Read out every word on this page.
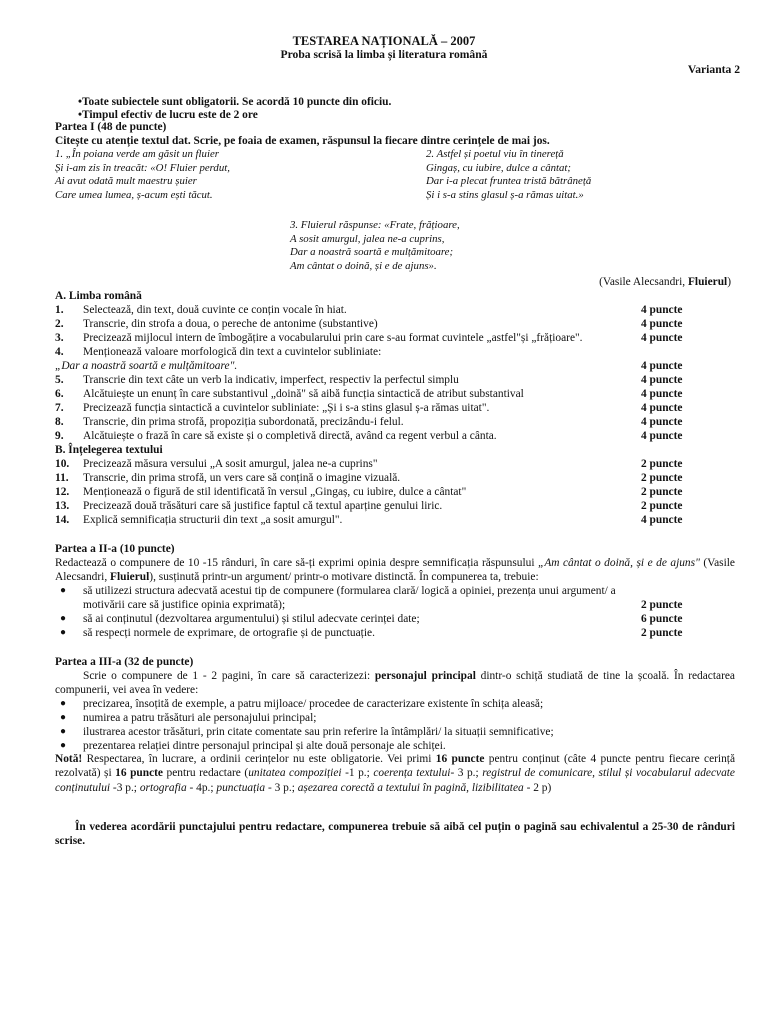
TESTAREA NAȚIONALĂ – 2007
Proba scrisă la limba și literatura română
Varianta 2
•Toate subiectele sunt obligatorii. Se acordă 10 puncte din oficiu.
•Timpul efectiv de lucru este de 2 ore
Partea I (48 de puncte)
Citește cu atenție textul dat. Scrie, pe foaia de examen, răspunsul la fiecare dintre cerințele de mai jos.
1. „În poiana verde am găsit un fluier
Și i-am zis în treacăt: «O! Fluier perdut,
Ai avut odată mult maestru șuier
Care umea lumea, ș-acum ești tăcut.
2. Astfel și poetul viu în tinerețǎ
Gingaș, cu iubire, dulce a cântat;
Dar i-a plecat fruntea tristă bătrânețǎ
Și i s-a stins glasul ș-a rămas uitat.»
3. Fluierul răspunse: «Frate, frățioare,
A sosit amurgul, jalea ne-a cuprins,
Dar a noastră soartă e mulțămitoare;
Am cântat o doină, și e de ajuns».
(Vasile Alecsandri, Fluierul)
A. Limba română
1.	Selectează, din text, două cuvinte ce conțin vocale în hiat.	4 puncte
2.	Transcrie, din strofa a doua, o pereche de antonime (substantive)	4 puncte
3.	Precizează mijlocul intern de îmbogățire a vocabularului prin care s-au format cuvintele „astfel"și „frățioare".	4 puncte
4.	Menționează valoare morfologică din text a cuvintelor subliniate:
„Dar a noastră soartă e mulțămitoare".	4 puncte
5.	Transcrie din text câte un verb la indicativ, imperfect, respectiv la perfectul simplu	4 puncte
6.	Alcătuiește un enunț în care substantivul „doină" să aibă funcția sintactică de atribut substantival	4 puncte
7.	Precizează funcția sintactică a cuvintelor subliniate: „Și i s-a stins glasul ș-a rămas uitat".	4 puncte
8.	Transcrie, din prima strofă, propoziția subordonată, precizându-i felul.	4 puncte
9.	Alcătuiește o frază în care să existe și o completivă directă, având ca regent verbul a cânta.	4 puncte
B. Înțelegerea textului
10.	Precizează măsura versului „A sosit amurgul, jalea ne-a cuprins"	2 puncte
11.	Transcrie, din prima strofă, un vers care să conțină o imagine vizuală.	2 puncte
12.	Menționează o figură de stil identificată în versul „Gingaș, cu iubire, dulce a cântat"	2 puncte
13.	Precizează două trăsături care să justifice faptul că textul aparține genului liric.	2 puncte
14.	Explică semnificația structurii din text „a sosit amurgul".	4 puncte
Partea a II-a (10 puncte)
Redactează o compunere de 10 -15 rânduri, în care să-ți exprimi opinia despre semnificația răspunsului „Am cântat o doină, și e de ajuns" (Vasile Alecsandri, Fluierul), susținută printr-un argument/ printr-o motivare distinctă. În compunerea ta, trebuie:
● să utilizezi structura adecvată acestui tip de compunere (formularea clară/ logică a opiniei, prezența unui argument/ a
motivării care să justifice opinia exprimată);	2 puncte
● să ai conținutul (dezvoltarea argumentului) și stilul adecvate cerinței date;	6 puncte
● să respecți normele de exprimare, de ortografie și de punctuație.	2 puncte
Partea a III-a (32 de puncte)
Scrie o compunere de 1 - 2 pagini, în care să caracterizezi: personajul principal dintr-o schiță studiată de tine la școală. În redactarea compunerii, vei avea în vedere:
● precizarea, însoțită de exemple, a patru mijloace/ procedee de caracterizare existente în schița aleasă;
● numirea a patru trăsături ale personajului principal;
● ilustrarea acestor trăsături, prin citate comentate sau prin referire la întâmplări/ la situații semnificative;
● prezentarea relației dintre personajul principal și alte două personaje ale schiței.
Notă! Respectarea, în lucrare, a ordinii cerințelor nu este obligatorie. Vei primi 16 puncte pentru conținut (câte 4 puncte pentru fiecare cerință rezolvată) și 16 puncte pentru redactare (unitatea compoziției -1 p.; coerența textului- 3 p.; registrul de comunicare, stilul și vocabularul adecvate conținutului -3 p.; ortografia - 4p.; punctuația - 3 p.; așezarea corectă a textului în pagină, lizibilitatea - 2 p)
În vederea acordării punctajului pentru redactare, compunerea trebuie să aibă cel puțin o pagină sau echivalentul a 25-30 de rânduri scrise.
